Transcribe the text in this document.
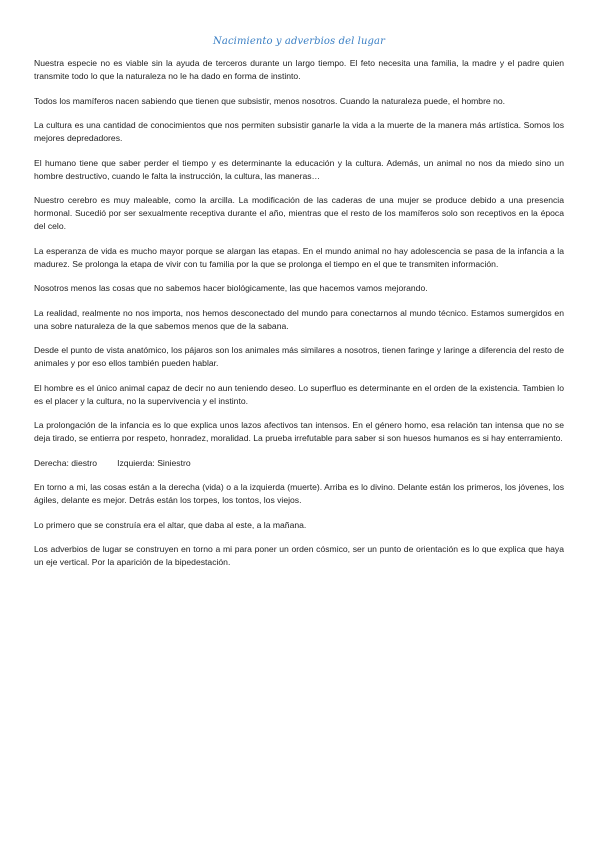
Nacimiento y adverbios del lugar

Nuestra especie no es viable sin la ayuda de terceros durante un largo tiempo. El feto necesita una familia, la madre y el padre quien transmite todo lo que la naturaleza no le ha dado en forma de instinto.

Todos los mamíferos nacen sabiendo que tienen que subsistir, menos nosotros. Cuando la naturaleza puede, el hombre no.

La cultura es una cantidad de conocimientos que nos permiten subsistir ganarle la vida a la muerte de la manera más artística. Somos los mejores depredadores.

El humano tiene que saber perder el tiempo y es determinante la educación y la cultura. Además, un animal no nos da miedo sino un hombre destructivo, cuando le falta la instrucción, la cultura, las maneras…

Nuestro cerebro es muy maleable, como la arcilla. La modificación de las caderas de una mujer se produce debido a una presencia hormonal. Sucedió por ser sexualmente receptiva durante el año, mientras que el resto de los mamíferos solo son receptivos en la época del celo.

La esperanza de vida es mucho mayor porque se alargan las etapas. En el mundo animal no hay adolescencia se pasa de la infancia a la madurez. Se prolonga la etapa de vivir con tu familia por la que se prolonga el tiempo en el que te transmiten información.

Nosotros menos las cosas que no sabemos hacer biológicamente, las que hacemos vamos mejorando.

La realidad, realmente no nos importa, nos hemos desconectado del mundo para conectarnos al mundo técnico. Estamos sumergidos en una sobre naturaleza de la que sabemos menos que de la sabana.

Desde el punto de vista anatómico, los pájaros son los animales más similares a nosotros, tienen faringe y laringe a diferencia del resto de animales y por eso ellos también pueden hablar.

El hombre es el único animal capaz de decir no aun teniendo deseo. Lo superfluo es determinante en el orden de la existencia. Tambien lo es el placer y la cultura, no la supervivencia y el instinto.

La prolongación de la infancia es lo que explica unos lazos afectivos tan intensos. En el género homo, esa relación tan intensa que no se deja tirado, se entierra por respeto, honradez, moralidad. La prueba irrefutable para saber si son huesos humanos es si hay enterramiento.

Derecha: diestro Izquierda: Siniestro

En torno a mi, las cosas están a la derecha (vida) o a la izquierda (muerte). Arriba es lo divino. Delante están los primeros, los jóvenes, los ágiles, delante es mejor. Detrás están los torpes, los tontos, los viejos.

Lo primero que se construía era el altar, que daba al este, a la mañana.

Los adverbios de lugar se construyen en torno a mi para poner un orden cósmico, ser un punto de orientación es lo que explica que haya un eje vertical. Por la aparición de la bipedestación.
